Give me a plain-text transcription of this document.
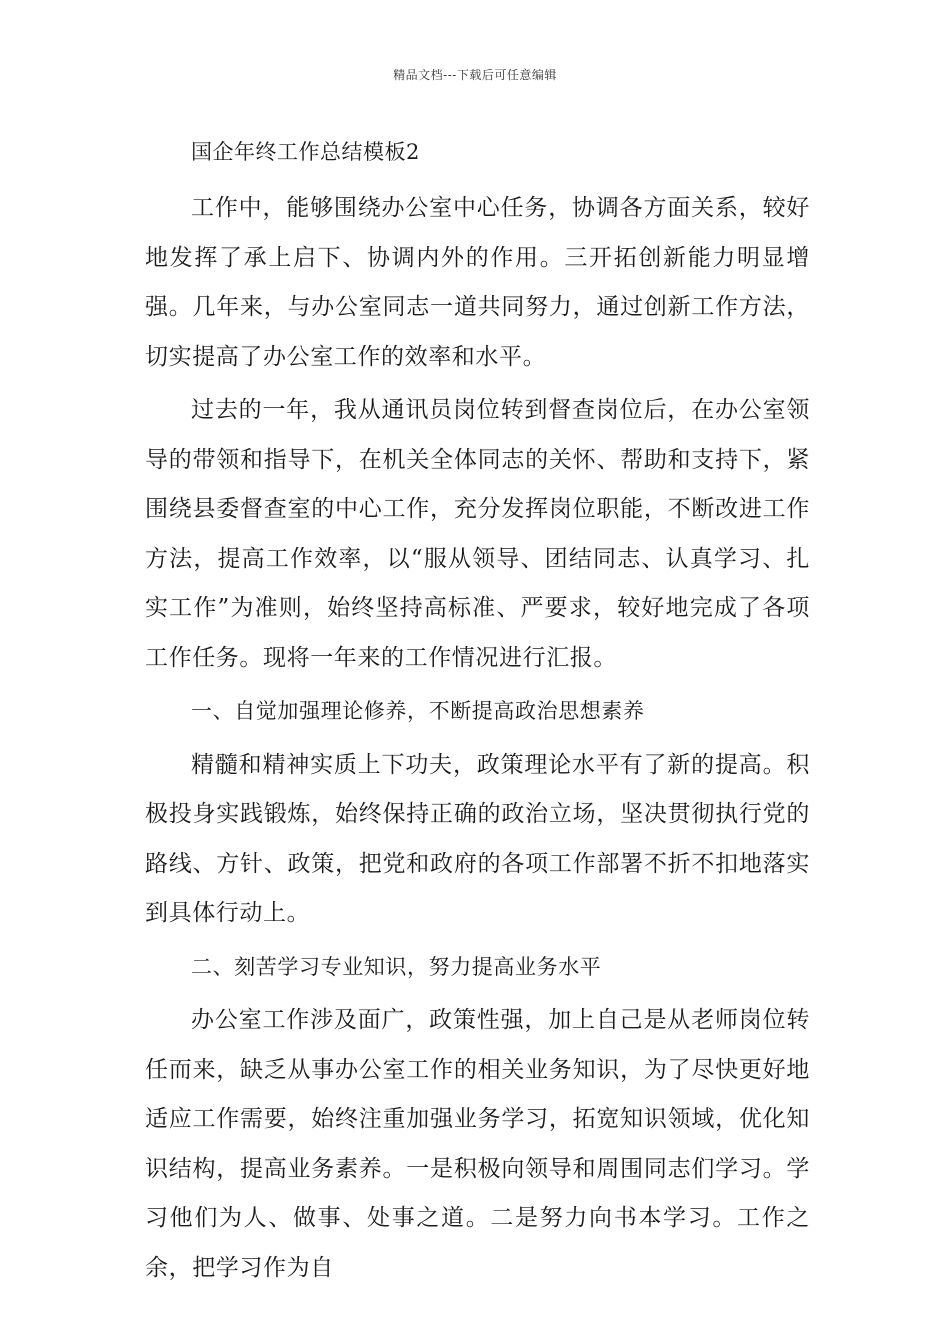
精品文档---下载后可任意编辑
国企年终工作总结模板2

工作中，能够围绕办公室中心任务，协调各方面关系，较好地发挥了承上启下、协调内外的作用。三开拓创新能力明显增强。几年来，与办公室同志一道共同努力，通过创新工作方法，切实提高了办公室工作的效率和水平。

过去的一年，我从通讯员岗位转到督查岗位后，在办公室领导的带领和指导下，在机关全体同志的关怀、帮助和支持下，紧围绕县委督查室的中心工作，充分发挥岗位职能，不断改进工作方法，提高工作效率，以“服从领导、团结同志、认真学习、扎实工作”为准则，始终坚持高标准、严要求，较好地完成了各项工作任务。现将一年来的工作情况进行汇报。

一、自觉加强理论修养，不断提高政治思想素养

精髓和精神实质上下功夫，政策理论水平有了新的提高。积极投身实践锻炼，始终保持正确的政治立场，坚决贯彻执行党的路线、方针、政策，把党和政府的各项工作部署不折不扣地落实到具体行动上。

二、刻苦学习专业知识，努力提高业务水平

办公室工作涉及面广，政策性强，加上自己是从老师岗位转任而来，缺乏从事办公室工作的相关业务知识，为了尽快更好地适应工作需要，始终注重加强业务学习，拓宽知识领域，优化知识结构，提高业务素养。一是积极向领导和周围同志们学习。学习他们为人、做事、处事之道。二是努力向书本学习。工作之余，把学习作为自
